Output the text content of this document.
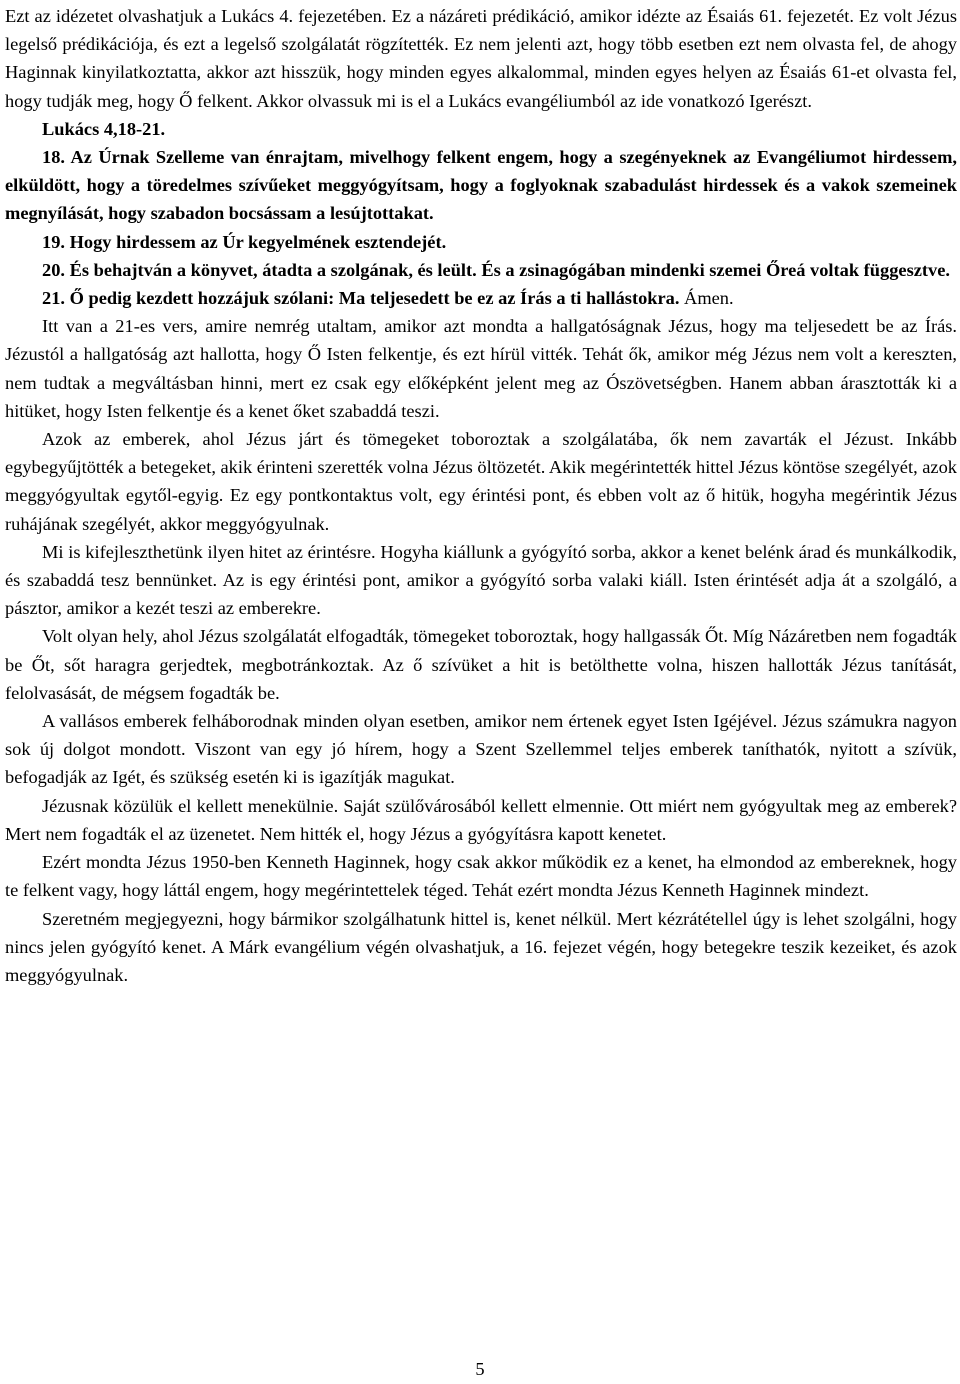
Ezt az idézetet olvashatjuk a Lukács 4. fejezetében. Ez a názáreti prédikáció, amikor idézte az Ésaiás 61. fejezetét. Ez volt Jézus legelső prédikációja, és ezt a legelső szolgálatát rögzítették. Ez nem jelenti azt, hogy több esetben ezt nem olvasta fel, de ahogy Haginnak kinyilatkoztatta, akkor azt hisszük, hogy minden egyes alkalommal, minden egyes helyen az Ésaiás 61-et olvasta fel, hogy tudják meg, hogy Ő felkent. Akkor olvassuk mi is el a Lukács evangéliumból az ide vonatkozó Igerészt.

Lukács 4,18-21.

18. Az Úrnak Szelleme van énrajtam, mivelhogy felkent engem, hogy a szegényeknek az Evangéliumot hirdessem, elküldött, hogy a töredelmes szívűeket meggyógyítsam, hogy a foglyoknak szabadulást hirdessek és a vakok szemeinek megnyílását, hogy szabadon bocsássam a lesújtottakat.

19. Hogy hirdessem az Úr kegyelmének esztendejét.

20. És behajtván a könyvet, átadta a szolgának, és leült. És a zsinagógában mindenki szemei Őreá voltak függesztve.

21. Ő pedig kezdett hozzájuk szólani: Ma teljesedett be ez az Írás a ti hallástokra. Ámen.

Itt van a 21-es vers, amire nemrég utaltam, amikor azt mondta a hallgatóságnak Jézus, hogy ma teljesedett be az Írás. Jézustól a hallgatóság azt hallotta, hogy Ő Isten felkentje, és ezt hírül vitték. Tehát ők, amikor még Jézus nem volt a kereszten, nem tudtak a megváltásban hinni, mert ez csak egy előképként jelent meg az Ószövetségben. Hanem abban árasztották ki a hitüket, hogy Isten felkentje és a kenet őket szabaddá teszi.

Azok az emberek, ahol Jézus járt és tömegeket toboroztak a szolgálatába, ők nem zavarták el Jézust. Inkább egybegyűjtötték a betegeket, akik érinteni szerették volna Jézus öltözetét. Akik megérintették hittel Jézus köntöse szegélyét, azok meggyógyultak egytől-egyig. Ez egy pontkontaktus volt, egy érintési pont, és ebben volt az ő hitük, hogyha megérintik Jézus ruhájának szegélyét, akkor meggyógyulnak.

Mi is kifejleszthetünk ilyen hitet az érintésre. Hogyha kiállunk a gyógyító sorba, akkor a kenet belénk árad és munkálkodik, és szabaddá tesz bennünket. Az is egy érintési pont, amikor a gyógyító sorba valaki kiáll. Isten érintését adja át a szolgáló, a pásztor, amikor a kezét teszi az emberekre.

Volt olyan hely, ahol Jézus szolgálatát elfogadták, tömegeket toboroztak, hogy hallgassák Őt. Míg Názáretben nem fogadták be Őt, sőt haragra gerjedtek, megbotránkoztak. Az ő szívüket a hit is betölthette volna, hiszen hallották Jézus tanítását, felolvasását, de mégsem fogadták be.

A vallásos emberek felháborodnak minden olyan esetben, amikor nem értenek egyet Isten Igéjével. Jézus számukra nagyon sok új dolgot mondott. Viszont van egy jó hírem, hogy a Szent Szellemmel teljes emberek taníthatók, nyitott a szívük, befogadják az Igét, és szükség esetén ki is igazítják magukat.

Jézusnak közülük el kellett menekülnie. Saját szülővárosából kellett elmennie. Ott miért nem gyógyultak meg az emberek? Mert nem fogadták el az üzenetet. Nem hitték el, hogy Jézus a gyógyításra kapott kenetet.

Ezért mondta Jézus 1950-ben Kenneth Haginnek, hogy csak akkor működik ez a kenet, ha elmondod az embereknek, hogy te felkent vagy, hogy láttál engem, hogy megérintettelek téged. Tehát ezért mondta Jézus Kenneth Haginnek mindezt.

Szeretném megjegyezni, hogy bármikor szolgálhatunk hittel is, kenet nélkül. Mert kézrátétellel úgy is lehet szolgálni, hogy nincs jelen gyógyító kenet. A Márk evangélium végén olvashatjuk, a 16. fejezet végén, hogy betegekre teszik kezeiket, és azok meggyógyulnak.

5
